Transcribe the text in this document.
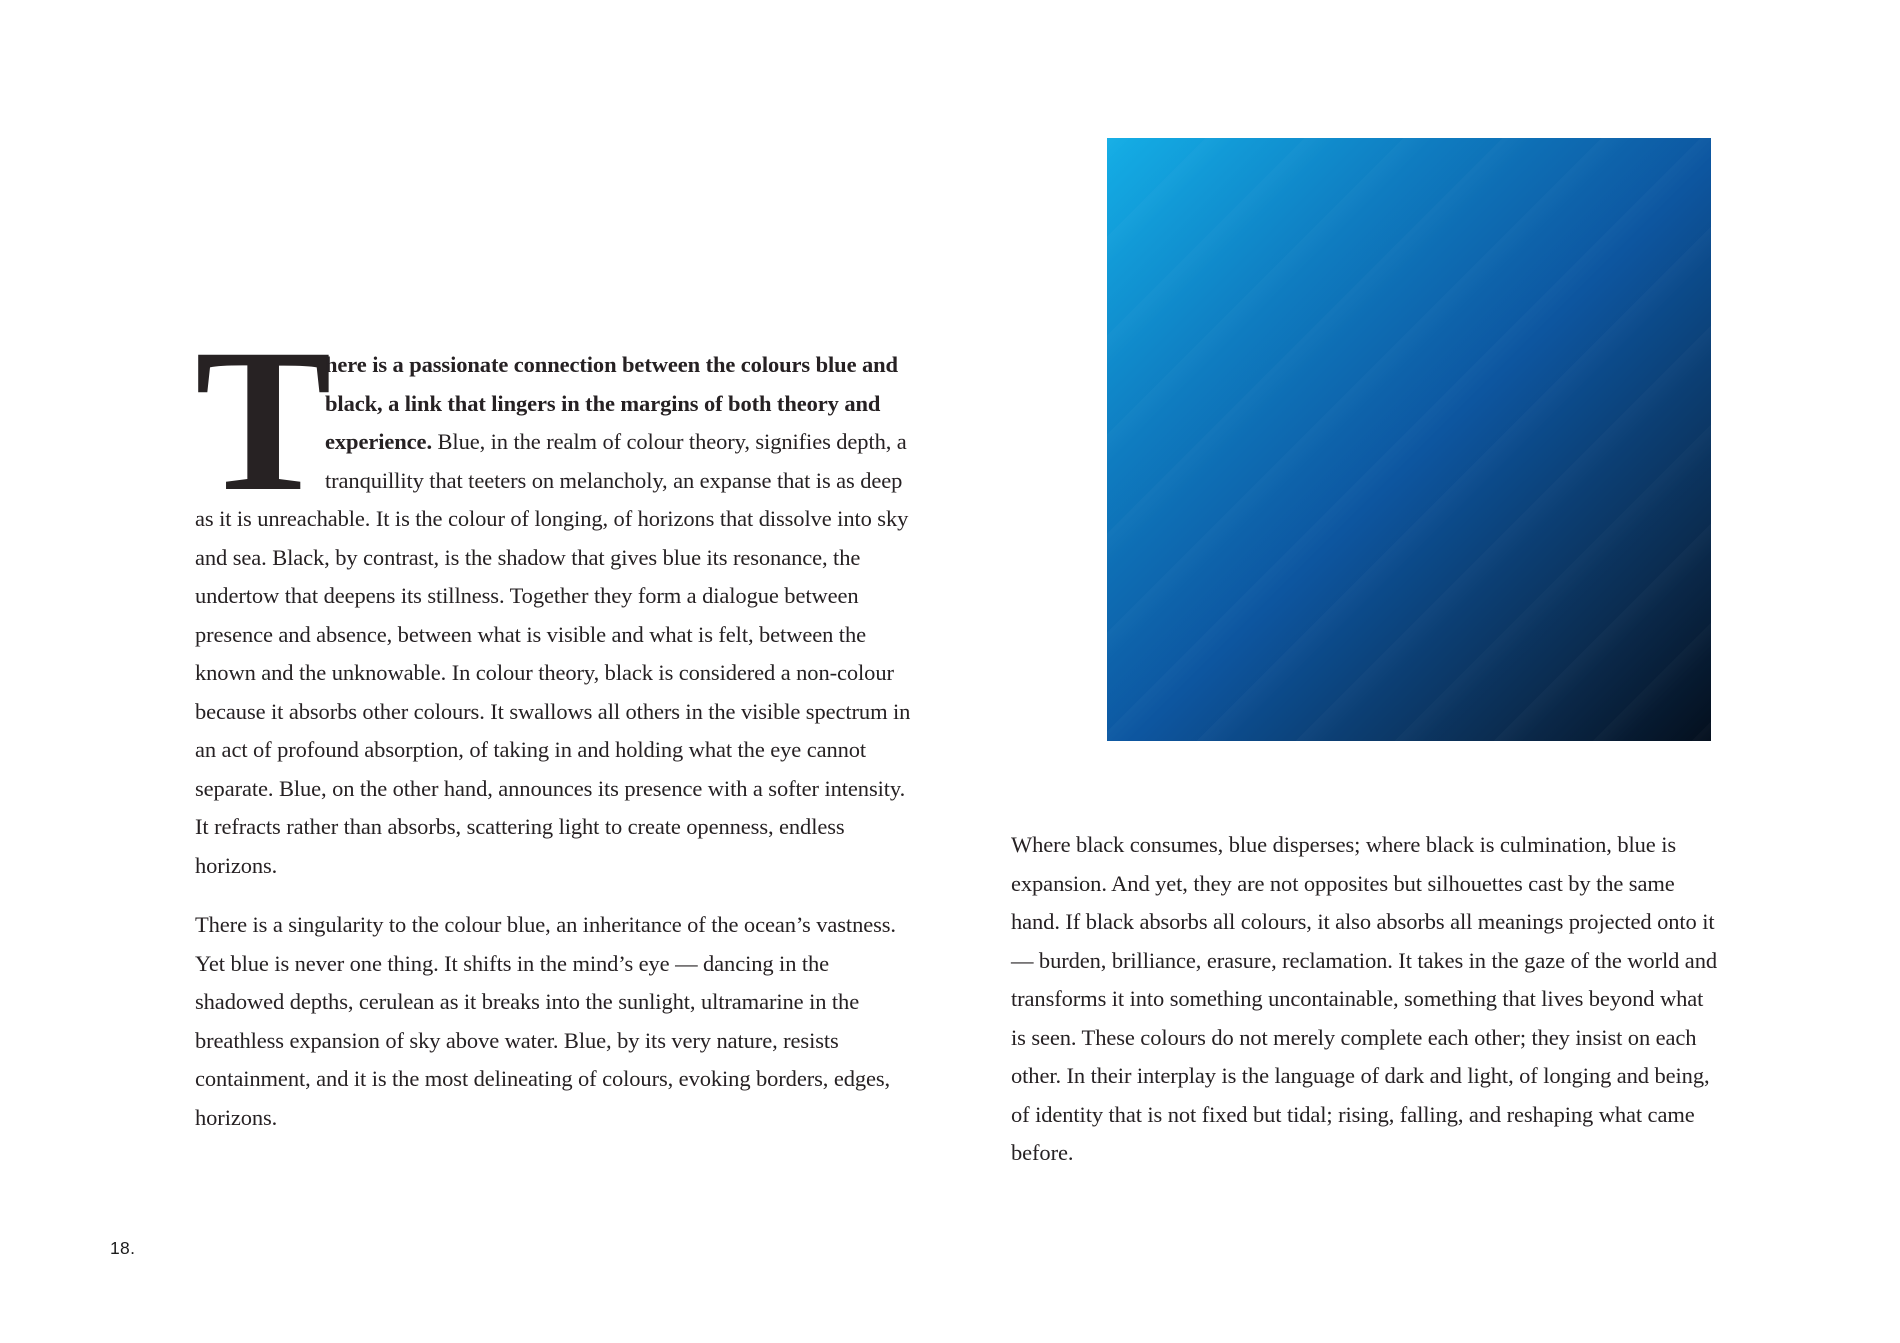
T
here is a passionate connection between the colours blue and black, a link that lingers in the margins of both theory and experience. Blue, in the realm of colour theory, signifies depth, a tranquillity that teeters on melancholy, an expanse that is as deep as it is unreachable. It is the colour of longing, of horizons that dissolve into sky and sea. Black, by contrast, is the shadow that gives blue its resonance, the undertow that deepens its stillness. Together they form a dialogue between presence and absence, between what is visible and what is felt, between the known and the unknowable. In colour theory, black is considered a non-colour because it absorbs other colours. It swallows all others in the visible spectrum in an act of profound absorption, of taking in and holding what the eye cannot separate. Blue, on the other hand, announces its presence with a softer intensity. It refracts rather than absorbs, scattering light to create openness, endless horizons.

There is a singularity to the colour blue, an inheritance of the ocean’s vastness. Yet blue is never one thing. It shifts in the mind’s eye — dancing in the shadowed depths, cerulean as it breaks into the sunlight, ultramarine in the breathless expansion of sky above water. Blue, by its very nature, resists containment, and it is the most delineating of colours, evoking borders, edges, horizons.

Where black consumes, blue disperses; where black is culmination, blue is expansion. And yet, they are not opposites but silhouettes cast by the same hand. If black absorbs all colours, it also absorbs all meanings projected onto it — burden, brilliance, erasure, reclamation. It takes in the gaze of the world and transforms it into something uncontainable, something that lives beyond what is seen. These colours do not merely complete each other; they insist on each other. In their interplay is the language of dark and light, of longing and being, of identity that is not fixed but tidal; rising, falling, and reshaping what came before.

18.
